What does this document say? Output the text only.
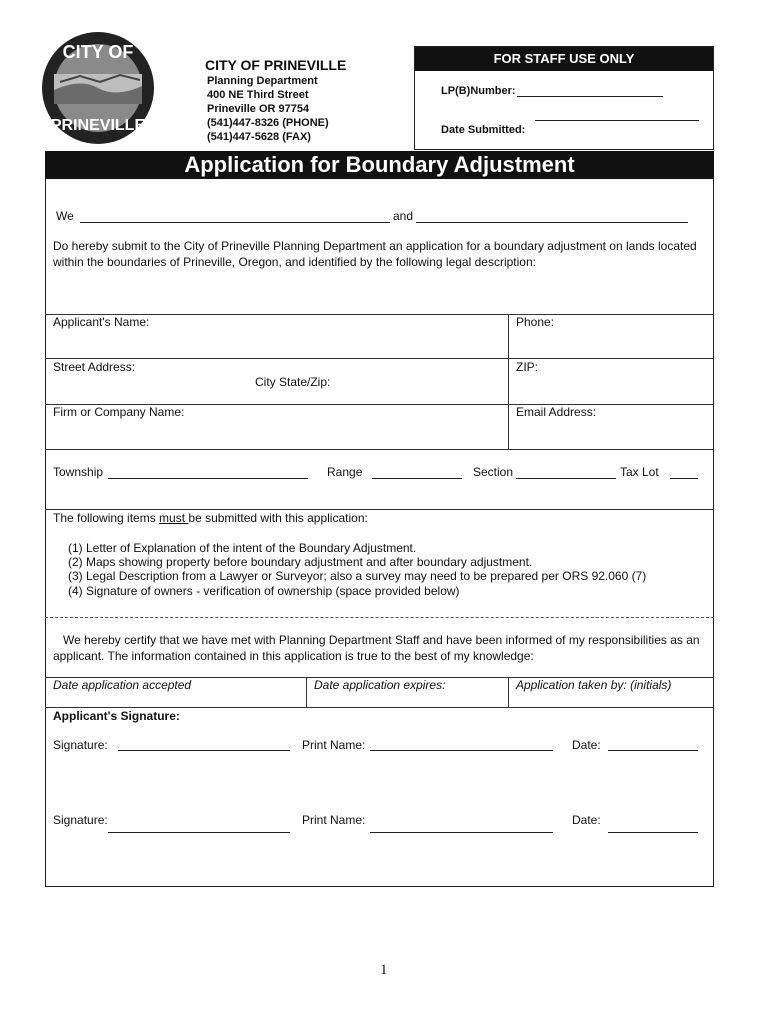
CITY OF
PRINEVILLE
CITY OF PRINEVILLE
Planning Department
400 NE Third Street
Prineville OR 97754
(541)447-8326 (PHONE)
(541)447-5628 (FAX)
FOR STAFF USE ONLY
LP(B)Number:
Date Submitted:
Application for Boundary Adjustment
We	and
Do hereby submit to the City of Prineville Planning Department an application for a boundary adjustment on lands located within the boundaries of Prineville, Oregon, and identified by the following legal description:
Applicant's Name:	Phone:
Street Address:	ZIP:
City State/Zip:
Firm or Company Name:	Email Address:
Township	Range	Section	Tax Lot
The following items must be submitted with this application:
(1) Letter of Explanation of the intent of the Boundary Adjustment.
(2) Maps showing property before boundary adjustment and after boundary adjustment.
(3) Legal Description from a Lawyer or Surveyor; also a survey may need to be prepared per ORS 92.060 (7)
(4) Signature of owners - verification of ownership (space provided below)
We hereby certify that we have met with Planning Department Staff and have been informed of my responsibilities as an applicant. The information contained in this application is true to the best of my knowledge:
Date application accepted	Date application expires:	Application taken by: (initials)
Applicant's Signature:
Signature:	Print Name:	Date:
Signature:	Print Name:	Date:
1
